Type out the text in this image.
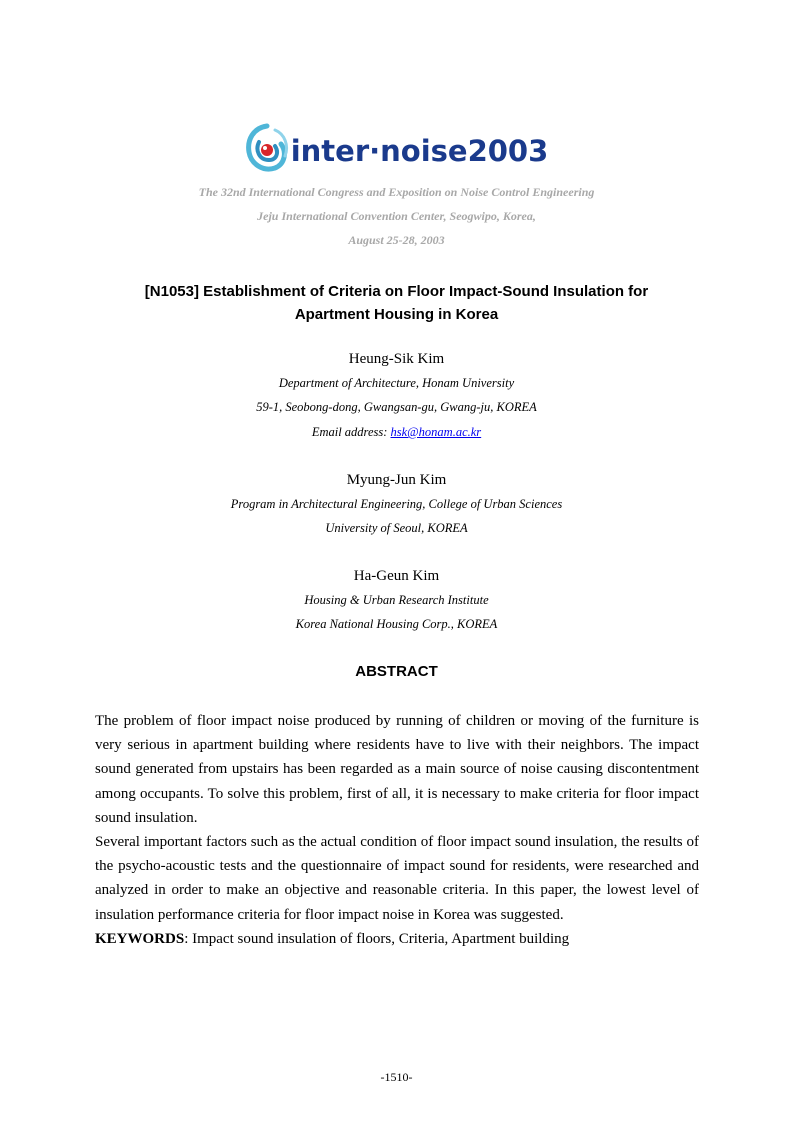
inter·noise2003
The 32nd International Congress and Exposition on Noise Control Engineering
Jeju International Convention Center, Seogwipo, Korea,
August 25-28, 2003
[N1053] Establishment of Criteria on Floor Impact-Sound Insulation for
Apartment Housing in Korea
Heung-Sik Kim
Department of Architecture, Honam University
59-1, Seobong-dong, Gwangsan-gu, Gwang-ju, KOREA
Email address: hsk@honam.ac.kr
Myung-Jun Kim
Program in Architectural Engineering, College of Urban Sciences
University of Seoul, KOREA
Ha-Geun Kim
Housing & Urban Research Institute
Korea National Housing Corp., KOREA
ABSTRACT

The problem of floor impact noise produced by running of children or moving of the furniture is very serious in apartment building where residents have to live with their neighbors. The impact sound generated from upstairs has been regarded as a main source of noise causing discontentment among occupants. To solve this problem, first of all, it is necessary to make criteria for floor impact sound insulation.

Several important factors such as the actual condition of floor impact sound insulation, the results of the psycho-acoustic tests and the questionnaire of impact sound for residents, were researched and analyzed in order to make an objective and reasonable criteria. In this paper, the lowest level of insulation performance criteria for floor impact noise in Korea was suggested.

KEYWORDS: Impact sound insulation of floors, Criteria, Apartment building

-1510-
